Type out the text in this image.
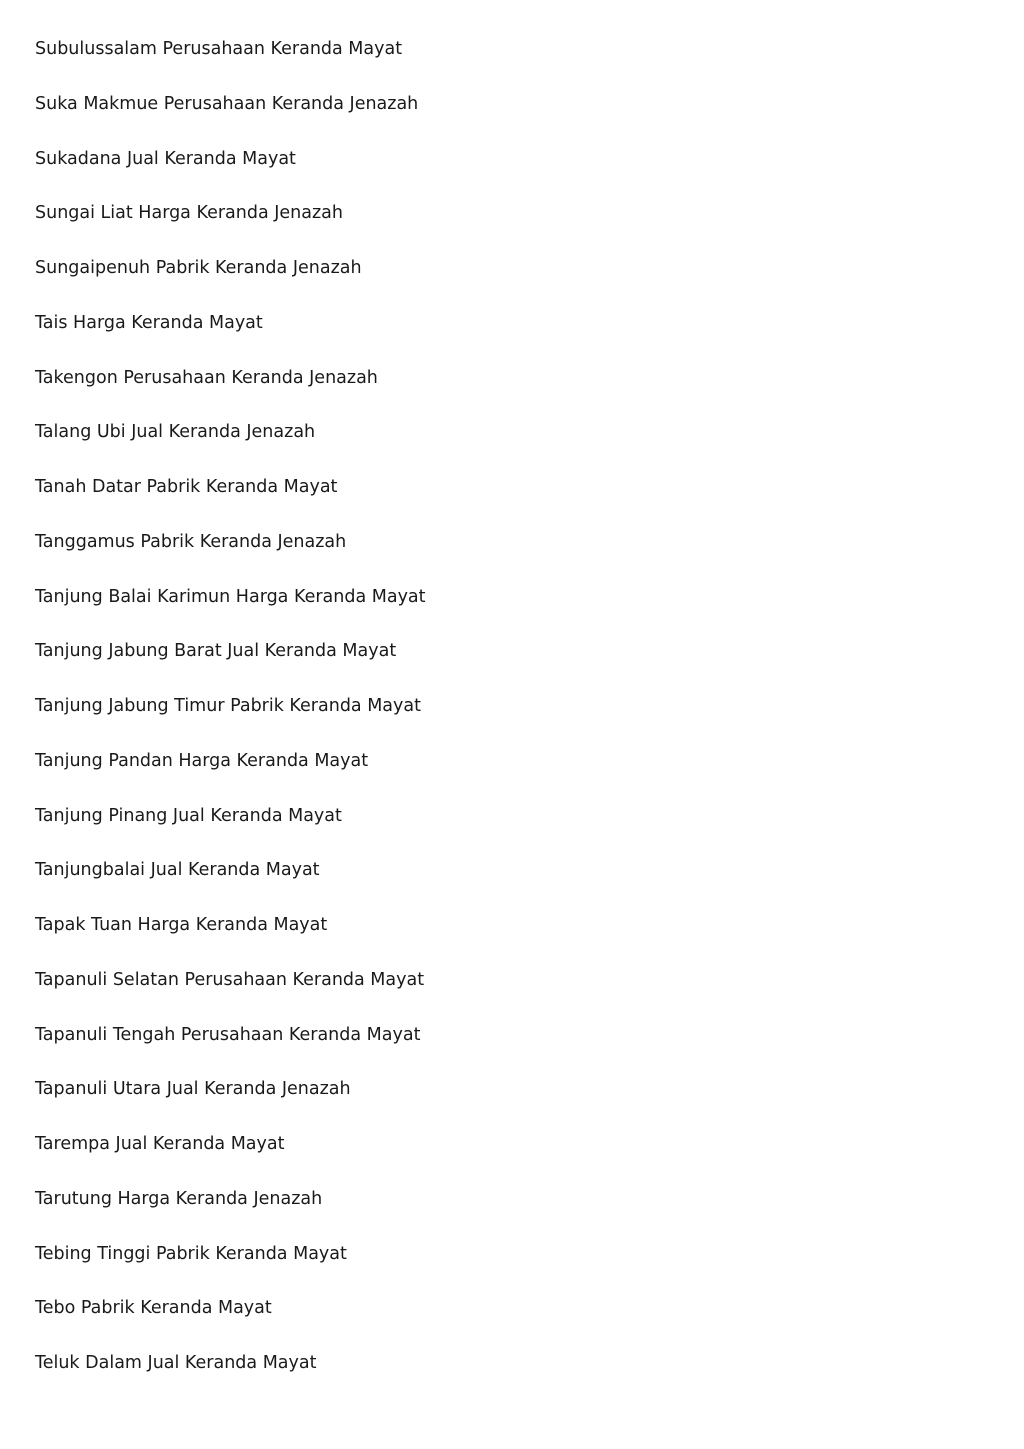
Subulussalam Perusahaan Keranda Mayat
Suka Makmue Perusahaan Keranda Jenazah
Sukadana Jual Keranda Mayat
Sungai Liat Harga Keranda Jenazah
Sungaipenuh Pabrik Keranda Jenazah
Tais Harga Keranda Mayat
Takengon Perusahaan Keranda Jenazah
Talang Ubi Jual Keranda Jenazah
Tanah Datar Pabrik Keranda Mayat
Tanggamus Pabrik Keranda Jenazah
Tanjung Balai Karimun Harga Keranda Mayat
Tanjung Jabung Barat Jual Keranda Mayat
Tanjung Jabung Timur Pabrik Keranda Mayat
Tanjung Pandan Harga Keranda Mayat
Tanjung Pinang Jual Keranda Mayat
Tanjungbalai Jual Keranda Mayat
Tapak Tuan Harga Keranda Mayat
Tapanuli Selatan Perusahaan Keranda Mayat
Tapanuli Tengah Perusahaan Keranda Mayat
Tapanuli Utara Jual Keranda Jenazah
Tarempa Jual Keranda Mayat
Tarutung Harga Keranda Jenazah
Tebing Tinggi Pabrik Keranda Mayat
Tebo Pabrik Keranda Mayat
Teluk Dalam Jual Keranda Mayat
